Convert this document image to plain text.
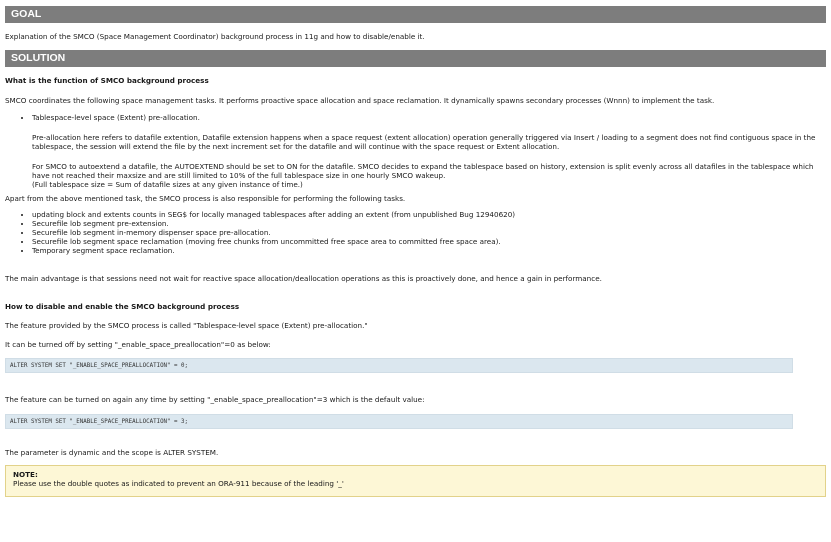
GOAL

Explanation of the SMCO (Space Management Coordinator) background process in 11g and how to disable/enable it.

SOLUTION

What is the function of SMCO background process

SMCO coordinates the following space management tasks. It performs proactive space allocation and space reclamation. It dynamically spawns secondary processes (Wnnn) to implement the task.

• Tablespace-level space (Extent) pre-allocation.

Pre-allocation here refers to datafile extention, Datafile extension happens when a space request (extent allocation) operation generally triggered via Insert / loading to a segment does not find contiguous space in the tablespace, the session will extend the file by the next increment set for the datafile and will continue with the space request or Extent allocation.

For SMCO to autoextend a datafile, the AUTOEXTEND should be set to ON for the datafile. SMCO decides to expand the tablespace based on history, extension is split evenly across all datafiles in the tablespace which have not reached their maxsize and are still limited to 10% of the full tablespace size in one hourly SMCO wakeup.

(Full tablespace size = Sum of datafile sizes at any given instance of time.)

Apart from the above mentioned task, the SMCO process is also responsible for performing the following tasks.

• updating block and extents counts in SEG$ for locally managed tablespaces after adding an extent (from unpublished Bug 12940620)
• Securefile lob segment pre-extension.
• Securefile lob segment in-memory dispenser space pre-allocation.
• Securefile lob segment space reclamation (moving free chunks from uncommitted free space area to committed free space area).
• Temporary segment space reclamation.

The main advantage is that sessions need not wait for reactive space allocation/deallocation operations as this is proactively done, and hence a gain in performance.

How to disable and enable the SMCO background process

The feature provided by the SMCO process is called "Tablespace-level space (Extent) pre-allocation."

It can be turned off by setting "_enable_space_preallocation"=0 as below:

ALTER SYSTEM SET "_ENABLE_SPACE_PREALLOCATION" = 0;

The feature can be turned on again any time by setting "_enable_space_preallocation"=3 which is the default value:

ALTER SYSTEM SET "_ENABLE_SPACE_PREALLOCATION" = 3;

The parameter is dynamic and the scope is ALTER SYSTEM.

NOTE:

Please use the double quotes as indicated to prevent an ORA-911 because of the leading '_'
